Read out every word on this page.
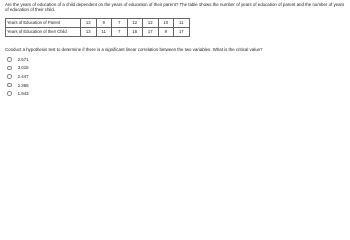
Are the years of education of a child dependent on the years of education of their parent? The table shows the number of years of education of parent and the number of years of education of their child.

Years of Education of Parent	13	9	7	12	12	10	11
Years of Education of their Child	13	11	7	16	17	9	17

Conduct a hypothesis test to determine if there is a significant linear correlation between the two variables. What is the critical value?

2.571
3.015
2.447
2.365
1.943
